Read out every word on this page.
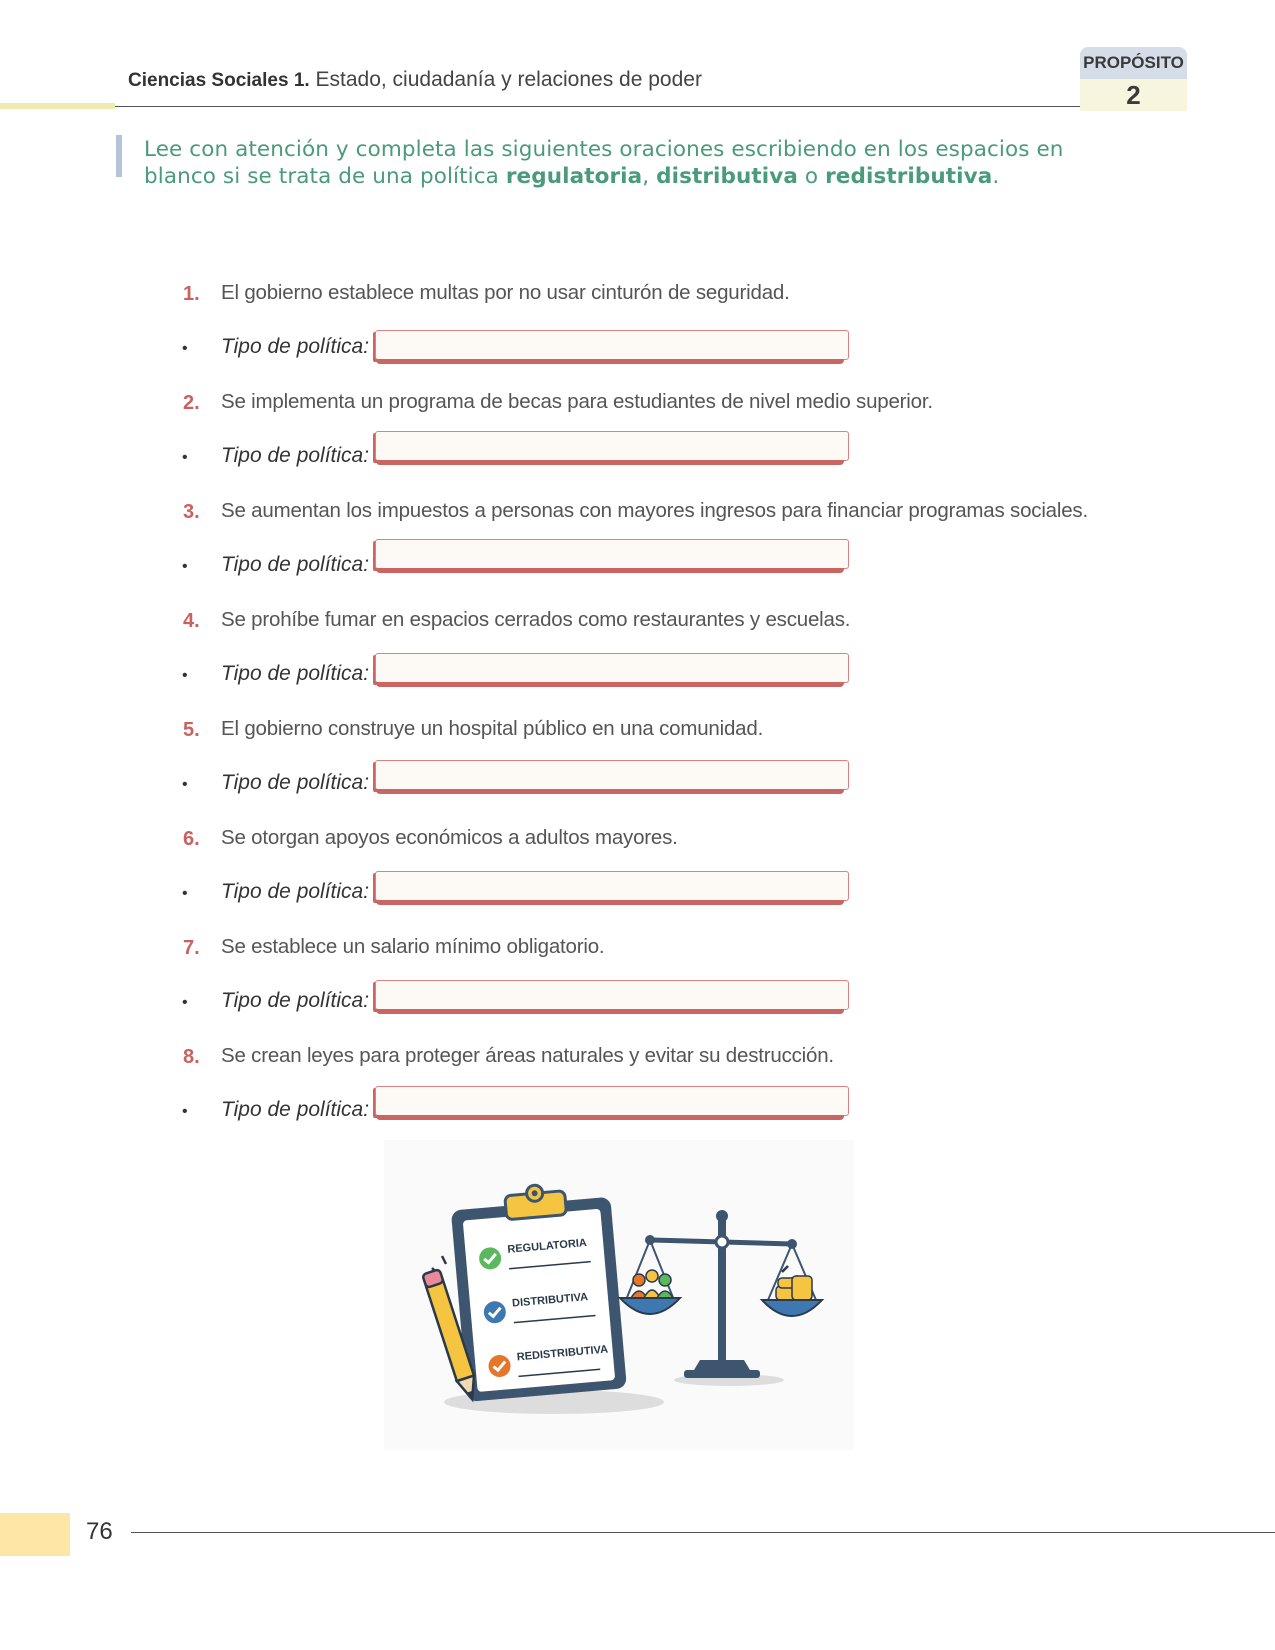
Ciencias Sociales 1. Estado, ciudadanía y relaciones de poder
PROPÓSITO
2
Lee con atención y completa las siguientes oraciones escribiendo en los espacios en blanco si se trata de una política regulatoria, distributiva o redistributiva.
1. El gobierno establece multas por no usar cinturón de seguridad.
• Tipo de política:
2. Se implementa un programa de becas para estudiantes de nivel medio superior.
• Tipo de política:
3. Se aumentan los impuestos a personas con mayores ingresos para financiar programas sociales.
• Tipo de política:
4. Se prohíbe fumar en espacios cerrados como restaurantes y escuelas.
• Tipo de política:
5. El gobierno construye un hospital público en una comunidad.
• Tipo de política:
6. Se otorgan apoyos económicos a adultos mayores.
• Tipo de política:
7. Se establece un salario mínimo obligatorio.
• Tipo de política:
8. Se crean leyes para proteger áreas naturales y evitar su destrucción.
• Tipo de política:
REGULATORIA
DISTRIBUTIVA
REDISTRIBUTIVA
76
